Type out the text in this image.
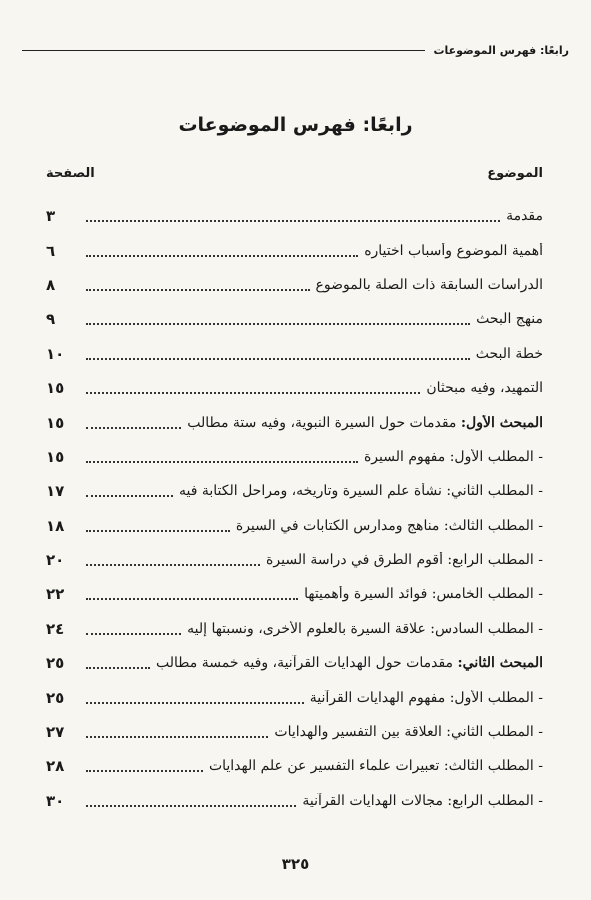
رابعًا: فهرس الموضوعات
رابعًا: فهرس الموضوعات
الموضوع
الصفحة
مقدمة
٣
أهمية الموضوع وأسباب اختياره
٦
الدراسات السابقة ذات الصلة بالموضوع
٨
منهج البحث
٩
خطة البحث
١٠
التمهيد، وفيه مبحثان
١٥
المبحث الأول: مقدمات حول السيرة النبوية، وفيه ستة مطالب
١٥
- المطلب الأول: مفهوم السيرة
١٥
- المطلب الثاني: نشأة علم السيرة وتاريخه، ومراحل الكتابة فيه
١٧
- المطلب الثالث: مناهج ومدارس الكتابات في السيرة
١٨
- المطلب الرابع: أقوم الطرق في دراسة السيرة
٢٠
- المطلب الخامس: فوائد السيرة وأهميتها
٢٢
- المطلب السادس: علاقة السيرة بالعلوم الأخرى، ونسبتها إليه
٢٤
المبحث الثاني: مقدمات حول الهدايات القرآنية، وفيه خمسة مطالب
٢٥
- المطلب الأول: مفهوم الهدايات القرآنية
٢٥
- المطلب الثاني: العلاقة بين التفسير والهدايات
٢٧
- المطلب الثالث: تعبيرات علماء التفسير عن علم الهدايات
٢٨
- المطلب الرابع: مجالات الهدايات القرآنية
٣٠
٣٢٥
